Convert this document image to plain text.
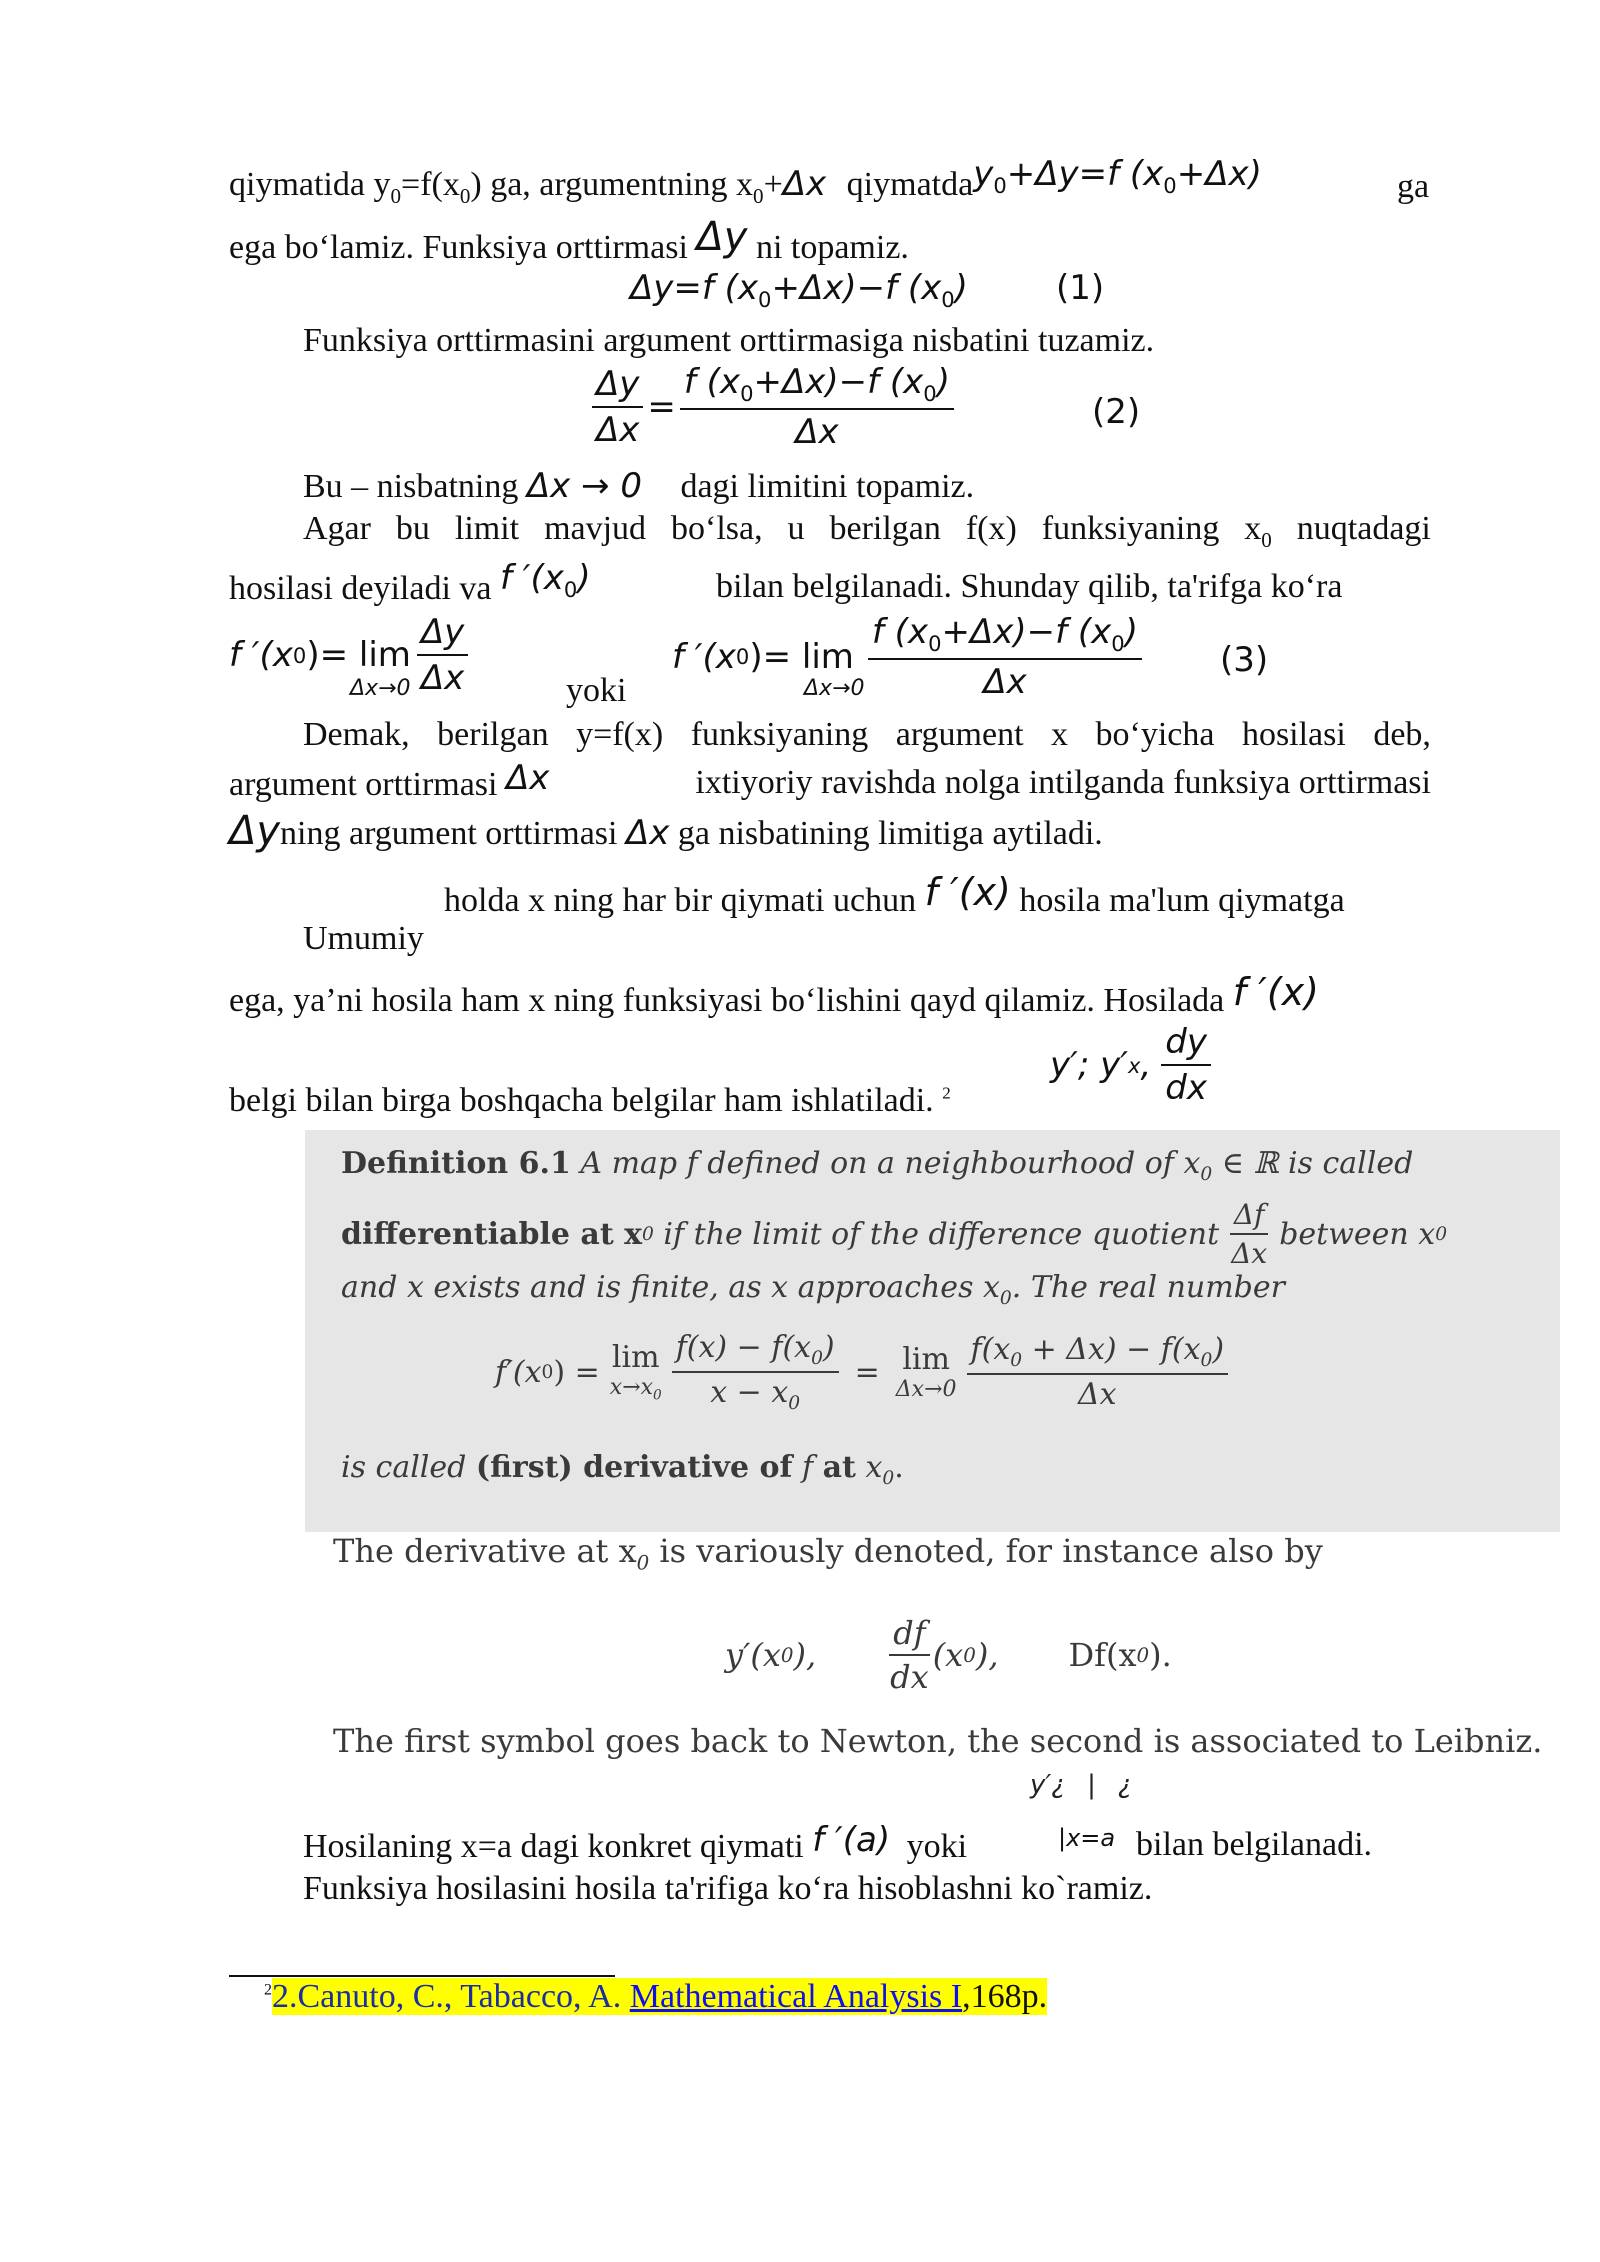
qiymatida $y_0=f(x_0)$ ga, argumentning $x_0+\Delta x$ qiymatday$_0$+Δy=f $(x_0+\Delta x)$	ga
ega bo‘lamiz. Funksiya orttirmasi Δy ni topamiz.
Δy=f $(x_0+\Delta x)-f$ $(x_0)$	(1)
Funksiya orttirmasini argument orttirmasiga nisbatini tuzamiz.
$\frac{\Delta y}{\Delta x} = \frac{f (x_0+\Delta x)-f (x_0)}{\Delta x}$	(2)
Bu – nisbatning Δx → 0 dagi limitini topamiz.
Agar bu limit mavjud bo‘lsa, u berilgan f(x) funksiyaning $x_0$ nuqtadagi
hosilasi deyiladi va f $'(x_0)$	bilan belgilanadi. Shunday qilib, ta'rifga ko‘ra
f ′(x 0 )= $\lim \frac{\Delta y}{\Delta x}$
Δx→0	yoki
f ′(x 0 )= $\lim \frac{f (x_0+\Delta x)-f (x_0)}{\Delta x}$
Δx→0
(3)
Demak, berilgan y=f(x) funksiyaning argument x bo‘yicha hosilasi deb,
argument orttirmasi Δx	ixtiyoriy ravishda nolga intilganda funksiya orttirmasi
Δyning argument orttirmasi Δx ga nisbatining limitiga aytiladi.
holda x ning har bir qiymati uchun f ′(x) hosila ma'lum qiymatga
Umumiy
ega, ya’ni hosila ham x ning funksiyasi bo‘lishini qayd qilamiz. Hosilada f ′(x)
belgi bilan birga boshqacha belgilar ham ishlatiladi. $^2$
y′; y′ x , $\frac{dy}{dx}$
Definition 6.1 A map f defined on a neighbourhood of $x_0$ ∈ ℝ is called
differentiable at x 0
if the limit of the difference quotient $\frac{\Delta f}{\Delta x}$ between x 0
and x exists and is finite, as x approaches $x_0$. The real number
f′(x 0 ) = lim
$x\to x_0 \frac{f(x) - f(x_0)}{x - x_0} = \lim$
$\Delta x\to 0 \frac{f(x_0 + \Delta x) - f(x_0)}{\Delta x}$
is called (first) derivative of f at $x_0$.
The derivative at $x_0$ is variously denoted, for instance also by
y′(x 0 ), $\frac{df}{dx} (x$ 0 ), Df(x 0 ).
The first symbol goes back to Newton, the second is associated to Leibniz.
Hosilaning x=a dagi konkret qiymati f ′(a) yoki
y′¿ | ¿
|x=a bilan belgilanadi.
Funksiya hosilasini hosila ta'rifiga ko‘ra hisoblashni ko`ramiz.
$^2$2.Canuto, C., Tabacco, A. Mathematical Analysis I,168p.
